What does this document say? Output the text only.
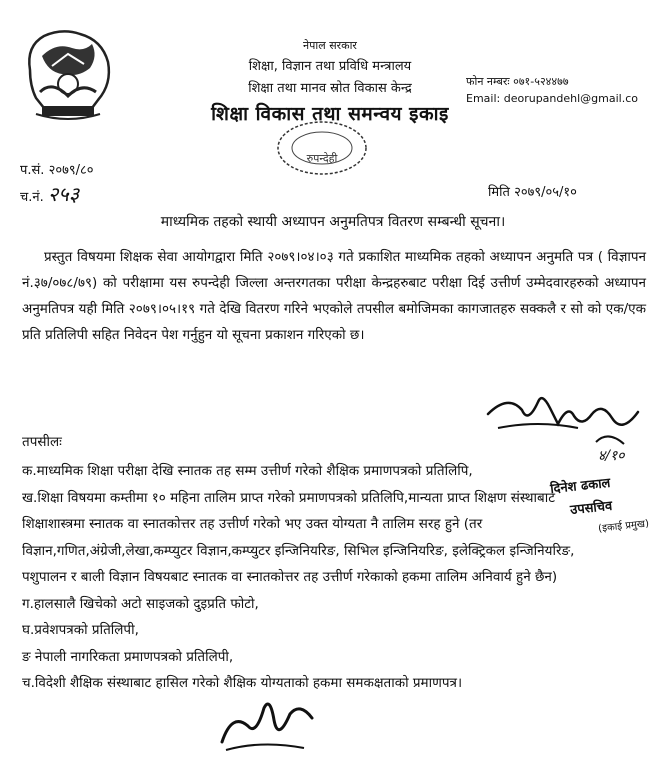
नेपाल सरकार
शिक्षा, विज्ञान तथा प्रविधि मन्त्रालय
शिक्षा तथा मानव स्रोत विकास केन्द्र
शिक्षा विकास तथा समन्वय इकाइ
फोन नम्बरः ०७१-५२४४७७
Email: deorupandehl@gmail.co
रुपन्देही
प.सं. २०७९/८०
च.नं. २५३	मिति २०७९/०५/१०
माध्यमिक तहको स्थायी अध्यापन अनुमतिपत्र वितरण सम्बन्धी सूचना।
प्रस्तुत विषयमा शिक्षक सेवा आयोगद्वारा मिति २०७९।०४।०३ गते प्रकाशित माध्यमिक तहको अध्यापन अनुमति पत्र ( विज्ञापन नं.३७/०७८/७९) को परीक्षामा यस रुपन्देही जिल्ला अन्तरगतका परीक्षा केन्द्रहरुबाट परीक्षा दिई उत्तीर्ण उम्मेदवारहरुको अध्यापन अनुमतिपत्र यही मिति २०७९।०५।१९ गते देखि वितरण गरिने भएकोले तपसील बमोजिमका कागजातहरु सक्कलै र सो को एक/एक प्रति प्रतिलिपी सहित निवेदन पेश गर्नुहुन यो सूचना प्रकाशन गरिएको छ।
४/१०
दिनेश ढकाल
उपसचिव
(इकाई प्रमुख)
तपसीलः
क.माध्यमिक शिक्षा परीक्षा देखि स्नातक तह सम्म उत्तीर्ण गरेको शैक्षिक प्रमाणपत्रको प्रतिलिपि,
ख.शिक्षा विषयमा कम्तीमा १० महिना तालिम प्राप्त गरेको प्रमाणपत्रको प्रतिलिपि,मान्यता प्राप्त शिक्षण संस्थाबाट शिक्षाशास्त्रमा स्नातक वा स्नातकोत्तर तह उत्तीर्ण गरेको भए उक्त योग्यता नै तालिम सरह हुने (तर विज्ञान,गणित,अंग्रेजी,लेखा,कम्प्युटर विज्ञान,कम्प्युटर इन्जिनियरिङ, सिभिल इन्जिनियरिङ, इलेक्ट्रिकल इन्जिनियरिङ, पशुपालन र बाली विज्ञान विषयबाट स्नातक वा स्नातकोत्तर तह उत्तीर्ण गरेकाको हकमा तालिम अनिवार्य हुने छैन)
ग.हालसालै खिचेको अटो साइजको दुइप्रति फोटो,
घ.प्रवेशपत्रको प्रतिलिपी,
ङ नेपाली नागरिकता प्रमाणपत्रको प्रतिलिपी,
च.विदेशी शैक्षिक संस्थाबाट हासिल गरेको शैक्षिक योग्यताको हकमा समकक्षताको प्रमाणपत्र।
